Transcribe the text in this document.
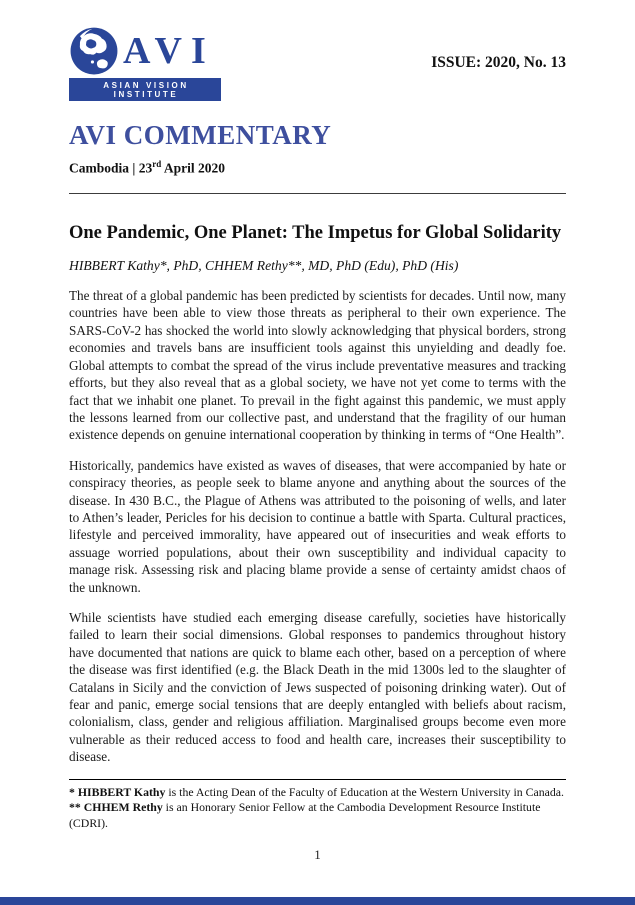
AVI
ASIAN VISION INSTITUTE
ISSUE: 2020, No. 13
AVI COMMENTARY
Cambodia | 23rd April 2020
One Pandemic, One Planet: The Impetus for Global Solidarity

HIBBERT Kathy*, PhD, CHHEM Rethy**, MD, PhD (Edu), PhD (His)

The threat of a global pandemic has been predicted by scientists for decades. Until now, many countries have been able to view those threats as peripheral to their own experience. The SARS-CoV-2 has shocked the world into slowly acknowledging that physical borders, strong economies and travels bans are insufficient tools against this unyielding and deadly foe. Global attempts to combat the spread of the virus include preventative measures and tracking efforts, but they also reveal that as a global society, we have not yet come to terms with the fact that we inhabit one planet. To prevail in the fight against this pandemic, we must apply the lessons learned from our collective past, and understand that the fragility of our human existence depends on genuine international cooperation by thinking in terms of “One Health”.

Historically, pandemics have existed as waves of diseases, that were accompanied by hate or conspiracy theories, as people seek to blame anyone and anything about the sources of the disease. In 430 B.C., the Plague of Athens was attributed to the poisoning of wells, and later to Athen’s leader, Pericles for his decision to continue a battle with Sparta. Cultural practices, lifestyle and perceived immorality, have appeared out of insecurities and weak efforts to assuage worried populations, about their own susceptibility and individual capacity to manage risk. Assessing risk and placing blame provide a sense of certainty amidst chaos of the unknown.

While scientists have studied each emerging disease carefully, societies have historically failed to learn their social dimensions. Global responses to pandemics throughout history have documented that nations are quick to blame each other, based on a perception of where the disease was first identified (e.g. the Black Death in the mid 1300s led to the slaughter of Catalans in Sicily and the conviction of Jews suspected of poisoning drinking water). Out of fear and panic, emerge social tensions that are deeply entangled with beliefs about racism, colonialism, class, gender and religious affiliation. Marginalised groups become even more vulnerable as their reduced access to food and health care, increases their susceptibility to disease.

* HIBBERT Kathy is the Acting Dean of the Faculty of Education at the Western University in Canada.

** CHHEM Rethy is an Honorary Senior Fellow at the Cambodia Development Resource Institute (CDRI).

1
